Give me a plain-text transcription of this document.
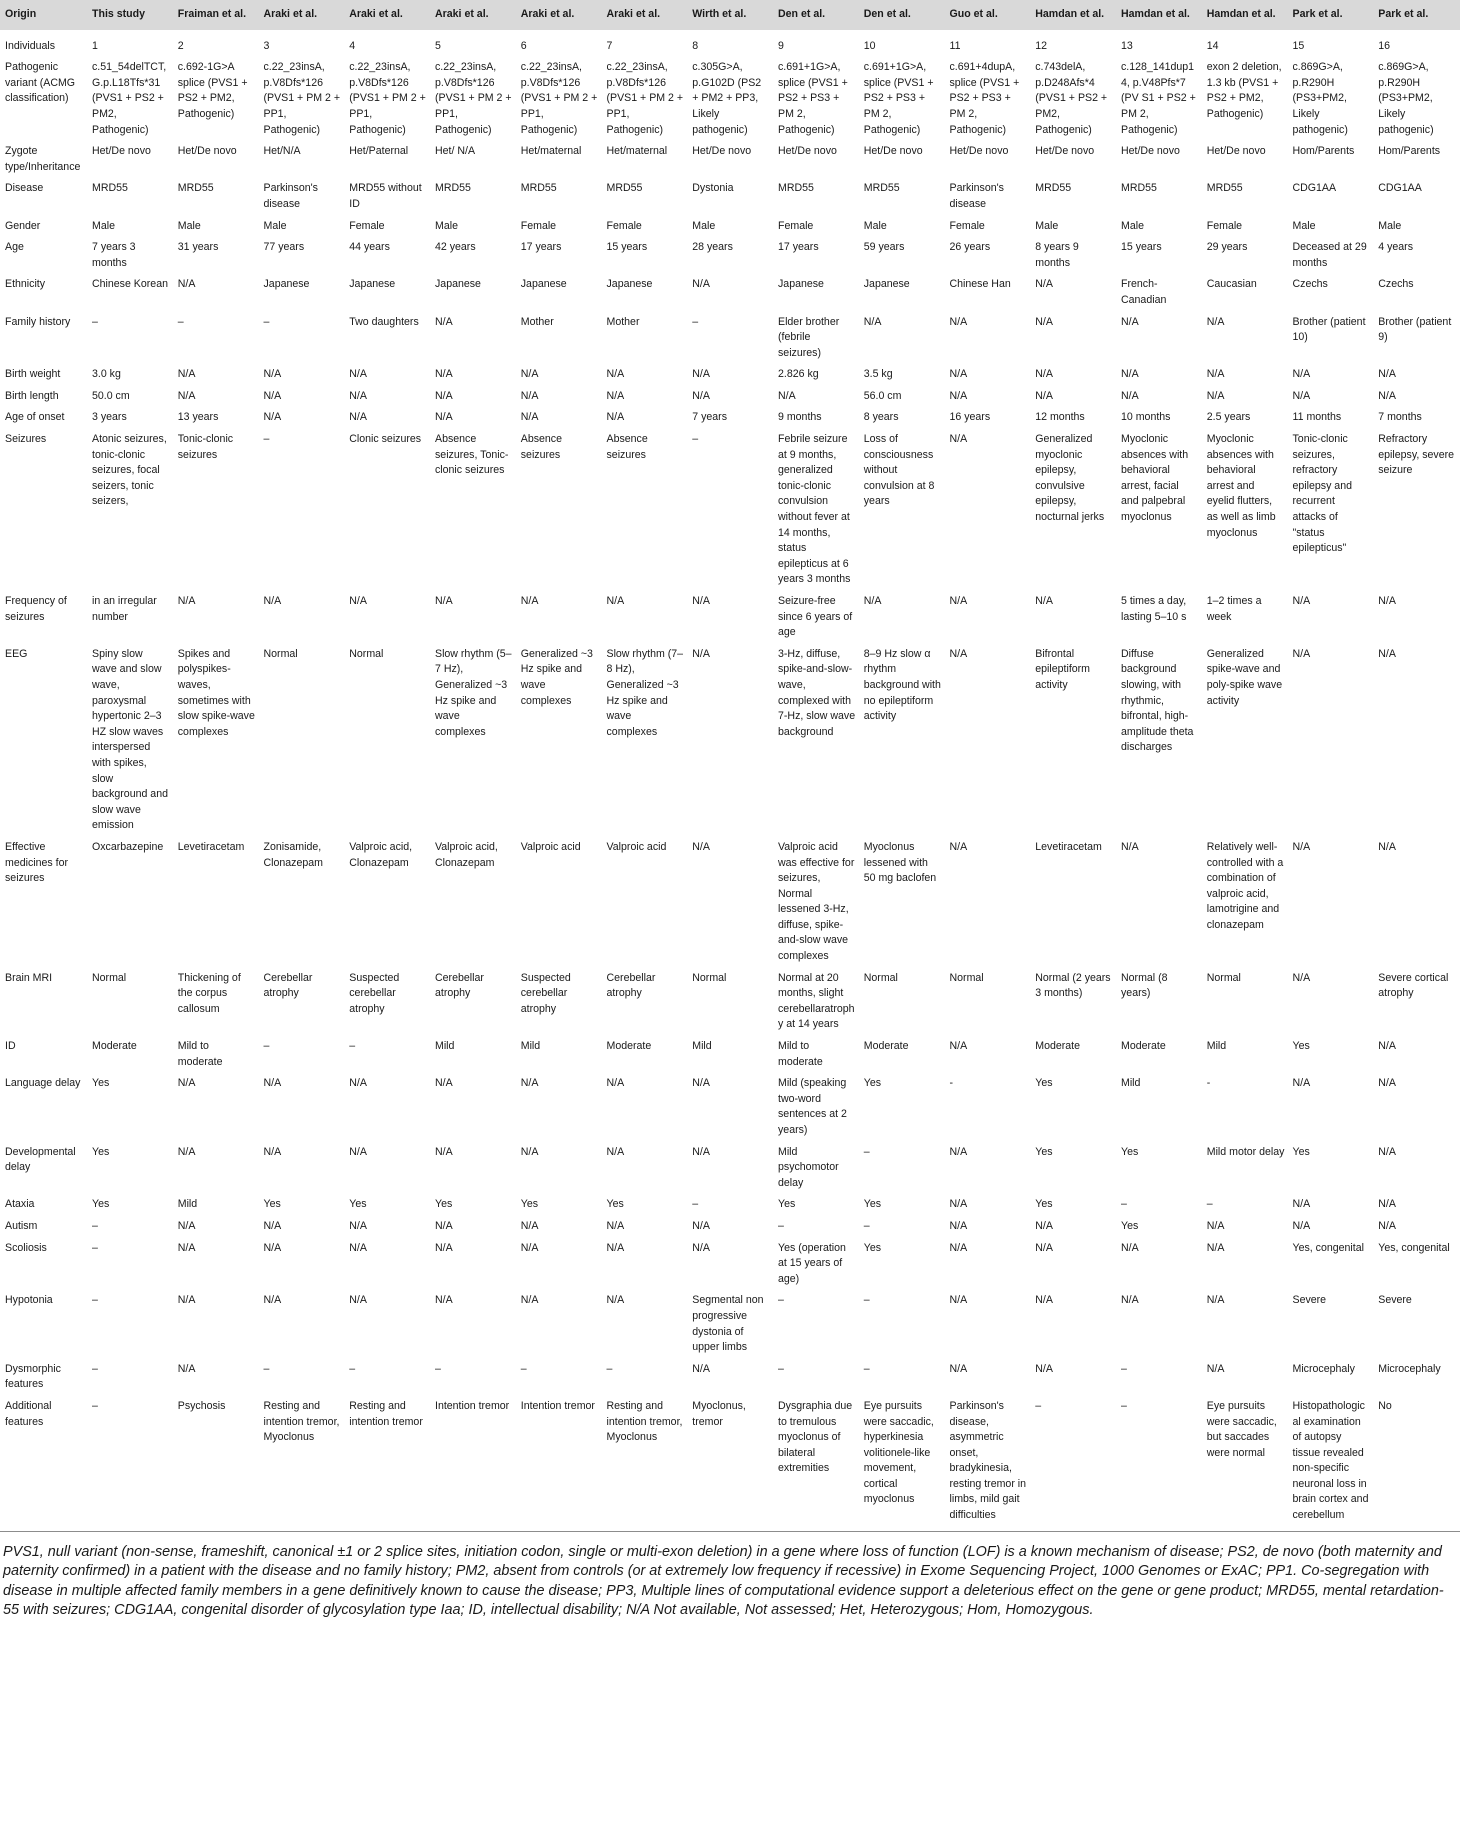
Origin	This study	Fraiman et al.	Araki et al.	Araki et al.	Araki et al.	Araki et al.	Araki et al.	Wirth et al.	Den et al.	Den et al.	Guo et al.	Hamdan et al.	Hamdan et al.	Hamdan et al.	Park et al.	Park et al.
Individuals	1	2	3	4	5	6	7	8	9	10	11	12	13	14	15	16
Pathogenic variant (ACMG classification)	c.51_54delTCT, G.p.L18Tfs*31 (PVS1 + PS2 + PM2, Pathogenic)	c.692-1G>A splice (PVS1 + PS2 + PM2, Pathogenic)	c.22_23insA, p.V8Dfs*126 (PVS1 + PM 2 + PP1, Pathogenic)	c.22_23insA, p.V8Dfs*126 (PVS1 + PM 2 + PP1, Pathogenic)	c.22_23insA, p.V8Dfs*126 (PVS1 + PM 2 + PP1, Pathogenic)	c.22_23insA, p.V8Dfs*126 (PVS1 + PM 2 + PP1, Pathogenic)	c.22_23insA, p.V8Dfs*126 (PVS1 + PM 2 + PP1, Pathogenic)	c.305G>A, p.G102D (PS2 + PM2 + PP3, Likely pathogenic)	c.691+1G>A, splice (PVS1 + PS2 + PS3 + PM 2, Pathogenic)	c.691+1G>A, splice (PVS1 + PS2 + PS3 + PM 2, Pathogenic)	c.691+4dupA, splice (PVS1 + PS2 + PS3 + PM 2, Pathogenic)	c.743delA, p.D248Afs*4 (PVS1 + PS2 + PM2, Pathogenic)	c.128_141dup14, p.V48Pfs*7 (PV S1 + PS2 + PM 2, Pathogenic)	exon 2 deletion, 1.3 kb (PVS1 + PS2 + PM2, Pathogenic)	c.869G>A, p.R290H (PS3+PM2, Likely pathogenic)	c.869G>A, p.R290H (PS3+PM2, Likely pathogenic)
Zygote type/Inheritance	Het/De novo	Het/De novo	Het/N/A	Het/Paternal	Het/ N/A	Het/maternal	Het/maternal	Het/De novo	Het/De novo	Het/De novo	Het/De novo	Het/De novo	Het/De novo	Het/De novo	Hom/Parents	Hom/Parents
Disease	MRD55	MRD55	Parkinson's disease	MRD55 without ID	MRD55	MRD55	MRD55	Dystonia	MRD55	MRD55	Parkinson's disease	MRD55	MRD55	MRD55	CDG1AA	CDG1AA
Gender	Male	Male	Male	Female	Male	Female	Female	Male	Female	Male	Female	Male	Male	Female	Male	Male
Age	7 years 3 months	31 years	77 years	44 years	42 years	17 years	15 years	28 years	17 years	59 years	26 years	8 years 9 months	15 years	29 years	Deceased at 29 months	4 years
Ethnicity	Chinese Korean	N/A	Japanese	Japanese	Japanese	Japanese	Japanese	N/A	Japanese	Japanese	Chinese Han	N/A	French-Canadian	Caucasian	Czechs	Czechs
Family history	–	–	–	Two daughters	N/A	Mother	Mother	–	Elder brother (febrile seizures)	N/A	N/A	N/A	N/A	N/A	Brother (patient 10)	Brother (patient 9)
Birth weight	3.0 kg	N/A	N/A	N/A	N/A	N/A	N/A	N/A	2.826 kg	3.5 kg	N/A	N/A	N/A	N/A	N/A	N/A
Birth length	50.0 cm	N/A	N/A	N/A	N/A	N/A	N/A	N/A	N/A	56.0 cm	N/A	N/A	N/A	N/A	N/A	N/A
Age of onset	3 years	13 years	N/A	N/A	N/A	N/A	N/A	7 years	9 months	8 years	16 years	12 months	10 months	2.5 years	11 months	7 months
Seizures	Atonic seizures, tonic-clonic seizures, focal seizers, tonic seizers,	Tonic-clonic seizures	–	Clonic seizures	Absence seizures, Tonic-clonic seizures	Absence seizures	Absence seizures	–	Febrile seizure at 9 months, generalized tonic-clonic convulsion without fever at 14 months, status epilepticus at 6 years 3 months	Loss of consciousness without convulsion at 8 years	N/A	Generalized myoclonic epilepsy, convulsive epilepsy, nocturnal jerks	Myoclonic absences with behavioral arrest, facial and palpebral myoclonus	Myoclonic absences with behavioral arrest and eyelid flutters, as well as limb myoclonus	Tonic-clonic seizures, refractory epilepsy and recurrent attacks of "status epilepticus"	Refractory epilepsy, severe seizure
Frequency of seizures	in an irregular number	N/A	N/A	N/A	N/A	N/A	N/A	N/A	Seizure-free since 6 years of age	N/A	N/A	N/A	5 times a day, lasting 5–10 s	1–2 times a week	N/A	N/A
EEG	Spiny slow wave and slow wave, paroxysmal hypertonic 2–3 HZ slow waves interspersed with spikes, slow background and slow wave emission	Spikes and polyspikes-waves, sometimes with slow spike-wave complexes	Normal	Normal	Slow rhythm (5–7 Hz), Generalized ~3 Hz spike and wave complexes	Generalized ~3 Hz spike and wave complexes	Slow rhythm (7–8 Hz), Generalized ~3 Hz spike and wave complexes	N/A	3-Hz, diffuse, spike-and-slow-wave, complexed with 7-Hz, slow wave background	8–9 Hz slow α rhythm background with no epileptiform activity	N/A	Bifrontal epileptiform activity	Diffuse background slowing, with rhythmic, bifrontal, high-amplitude theta discharges	Generalized spike-wave and poly-spike wave activity	N/A	N/A
Effective medicines for seizures	Oxcarbazepine	Levetiracetam	Zonisamide, Clonazepam	Valproic acid, Clonazepam	Valproic acid, Clonazepam	Valproic acid	Valproic acid	N/A	Valproic acid was effective for seizures, Normal lessened 3-Hz, diffuse, spike-and-slow wave complexes	Myoclonus lessened with 50 mg baclofen	N/A	Levetiracetam	N/A	Relatively well-controlled with a combination of valproic acid, lamotrigine and clonazepam	N/A	N/A
Brain MRI	Normal	Thickening of the corpus callosum	Cerebellar atrophy	Suspected cerebellar atrophy	Cerebellar atrophy	Suspected cerebellar atrophy	Cerebellar atrophy	Normal	Normal at 20 months, slight cerebellaratrophy at 14 years	Normal	Normal	Normal (2 years 3 months)	Normal (8 years)	Normal	N/A	Severe cortical atrophy
ID	Moderate	Mild to moderate	–	–	Mild	Mild	Moderate	Mild	Mild to moderate	Moderate	N/A	Moderate	Moderate	Mild	Yes	N/A
Language delay	Yes	N/A	N/A	N/A	N/A	N/A	N/A	N/A	Mild (speaking two-word sentences at 2 years)	Yes	-	Yes	Mild	-	N/A	N/A
Developmental delay	Yes	N/A	N/A	N/A	N/A	N/A	N/A	N/A	Mild psychomotor delay	–	N/A	Yes	Yes	Mild motor delay	Yes	N/A
Ataxia	Yes	Mild	Yes	Yes	Yes	Yes	Yes	–	Yes	Yes	N/A	Yes	–	–	N/A	N/A
Autism	–	N/A	N/A	N/A	N/A	N/A	N/A	N/A	–	–	N/A	N/A	Yes	N/A	N/A	N/A
Scoliosis	–	N/A	N/A	N/A	N/A	N/A	N/A	N/A	Yes (operation at 15 years of age)	Yes	N/A	N/A	N/A	N/A	Yes, congenital	Yes, congenital
Hypotonia	–	N/A	N/A	N/A	N/A	N/A	N/A	Segmental non progressive dystonia of upper limbs	–	–	N/A	N/A	N/A	N/A	Severe	Severe
Dysmorphic features	–	N/A	–	–	–	–	–	N/A	–	–	N/A	N/A	–	N/A	Microcephaly	Microcephaly
Additional features	–	Psychosis	Resting and intention tremor, Myoclonus	Resting and intention tremor	Intention tremor	Intention tremor	Resting and intention tremor, Myoclonus	Myoclonus, tremor	Dysgraphia due to tremulous myoclonus of bilateral extremities	Eye pursuits were saccadic, hyperkinesia volitionele-like movement, cortical myoclonus	Parkinson's disease, asymmetric onset, bradykinesia, resting tremor in limbs, mild gait difficulties	–	–	Eye pursuits were saccadic, but saccades were normal	Histopathological examination of autopsy tissue revealed non-specific neuronal loss in brain cortex and cerebellum	No
PVS1, null variant (non-sense, frameshift, canonical ±1 or 2 splice sites, initiation codon, single or multi-exon deletion) in a gene where loss of function (LOF) is a known mechanism of disease; PS2, de novo (both maternity and paternity confirmed) in a patient with the disease and no family history; PM2, absent from controls (or at extremely low frequency if recessive) in Exome Sequencing Project, 1000 Genomes or ExAC; PP1. Co-segregation with disease in multiple affected family members in a gene definitively known to cause the disease; PP3, Multiple lines of computational evidence support a deleterious effect on the gene or gene product; MRD55, mental retardation-55 with seizures; CDG1AA, congenital disorder of glycosylation type Iaa; ID, intellectual disability; N/A Not available, Not assessed; Het, Heterozygous; Hom, Homozygous.
